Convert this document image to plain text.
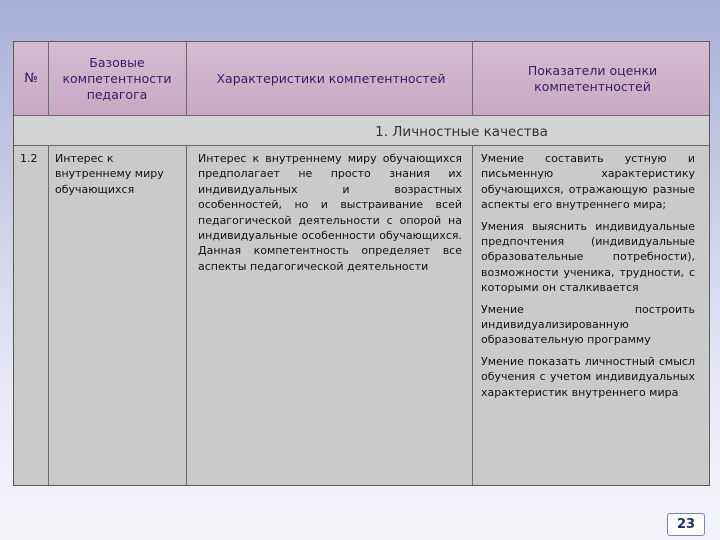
№
Базовые компетентности педагога
Характеристики компетентностей
Показатели оценки компетентностей
1. Личностные качества
1.2	Интерес к внутреннему миру обучающихся
Интерес к внутреннему миру обучающихся предполагает не просто знания их индивидуальных и возрастных особенностей, но и выстраивание всей педагогической деятельности с опорой на индивидуальные особенности обучающихся. Данная компетентность определяет все аспекты педагогической деятельности
Умение составить устную и письменную характеристику обучающихся, отражающую разные аспекты его внутреннего мира;
Умения выяснить индивидуальные предпочтения (индивидуальные образовательные потребности), возможности ученика, трудности, с которыми он сталкивается
Умение построить индивидуализированную образовательную программу
Умение показать личностный смысл обучения с учетом индивидуальных характеристик внутреннего мира
23
